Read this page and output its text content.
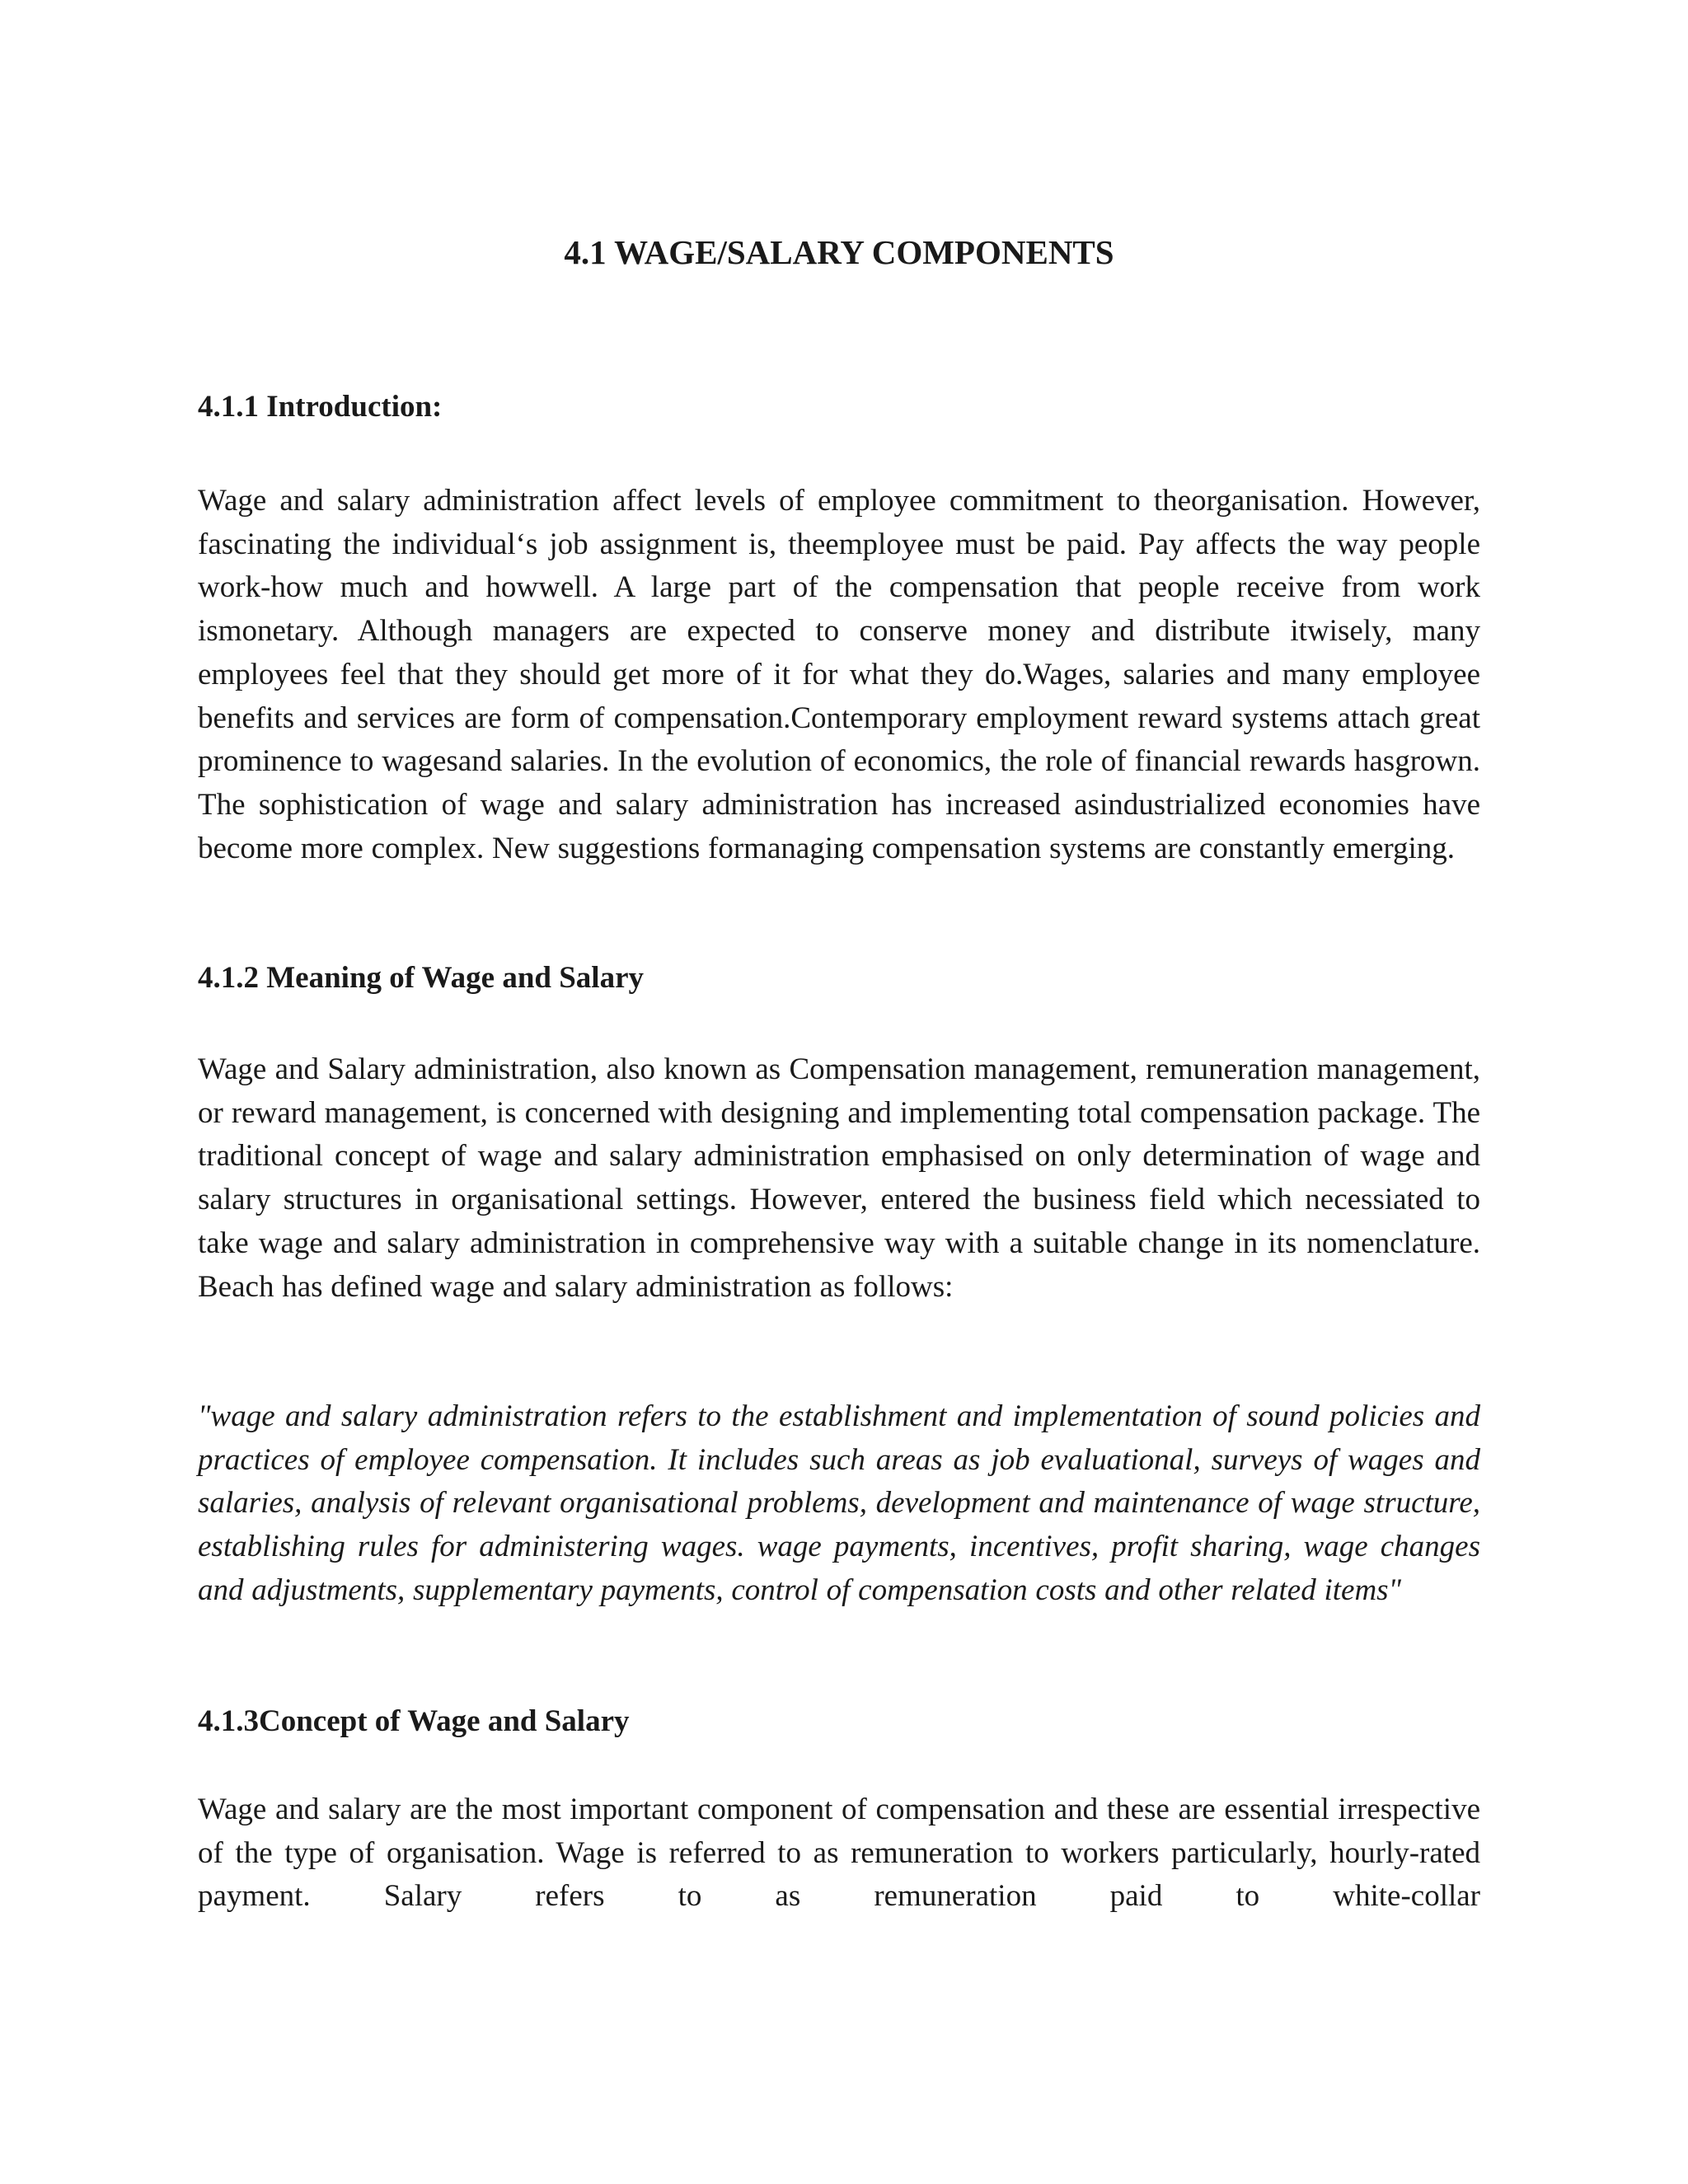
4.1 WAGE/SALARY COMPONENTS
4.1.1 Introduction:

Wage and salary administration affect levels of employee commitment to theorganisation. However, fascinating the individual‘s job assignment is, theemployee must be paid. Pay affects the way people work-how much and howwell. A large part of the compensation that people receive from work ismonetary. Although managers are expected to conserve money and distribute itwisely, many employees feel that they should get more of it for what they do.Wages, salaries and many employee benefits and services are form of compensation.Contemporary employment reward systems attach great prominence to wagesand salaries. In the evolution of economics, the role of financial rewards hasgrown. The sophistication of wage and salary administration has increased asindustrialized economies have become more complex. New suggestions formanaging compensation systems are constantly emerging.

4.1.2 Meaning of Wage and Salary

Wage and Salary administration, also known as Compensation management, remuneration management, or reward management, is concerned with designing and implementing total compensation package. The traditional concept of wage and salary administration emphasised on only determination of wage and salary structures in organisational settings. However, entered the business field which necessiated to take wage and salary administration in comprehensive way with a suitable change in its nomenclature. Beach has defined wage and salary administration as follows:

"wage and salary administration refers to the establishment and implementation of sound policies and practices of employee compensation. It includes such areas as job evaluational, surveys of wages and salaries, analysis of relevant organisational problems, development and maintenance of wage structure, establishing rules for administering wages. wage payments, incentives, profit sharing, wage changes and adjustments, supplementary payments, control of compensation costs and other related items"

4.1.3Concept of Wage and Salary

Wage and salary are the most important component of compensation and these are essential irrespective of the type of organisation. Wage is referred to as remuneration to workers particularly, hourly-rated payment. Salary refers to as remuneration paid to white-collar
